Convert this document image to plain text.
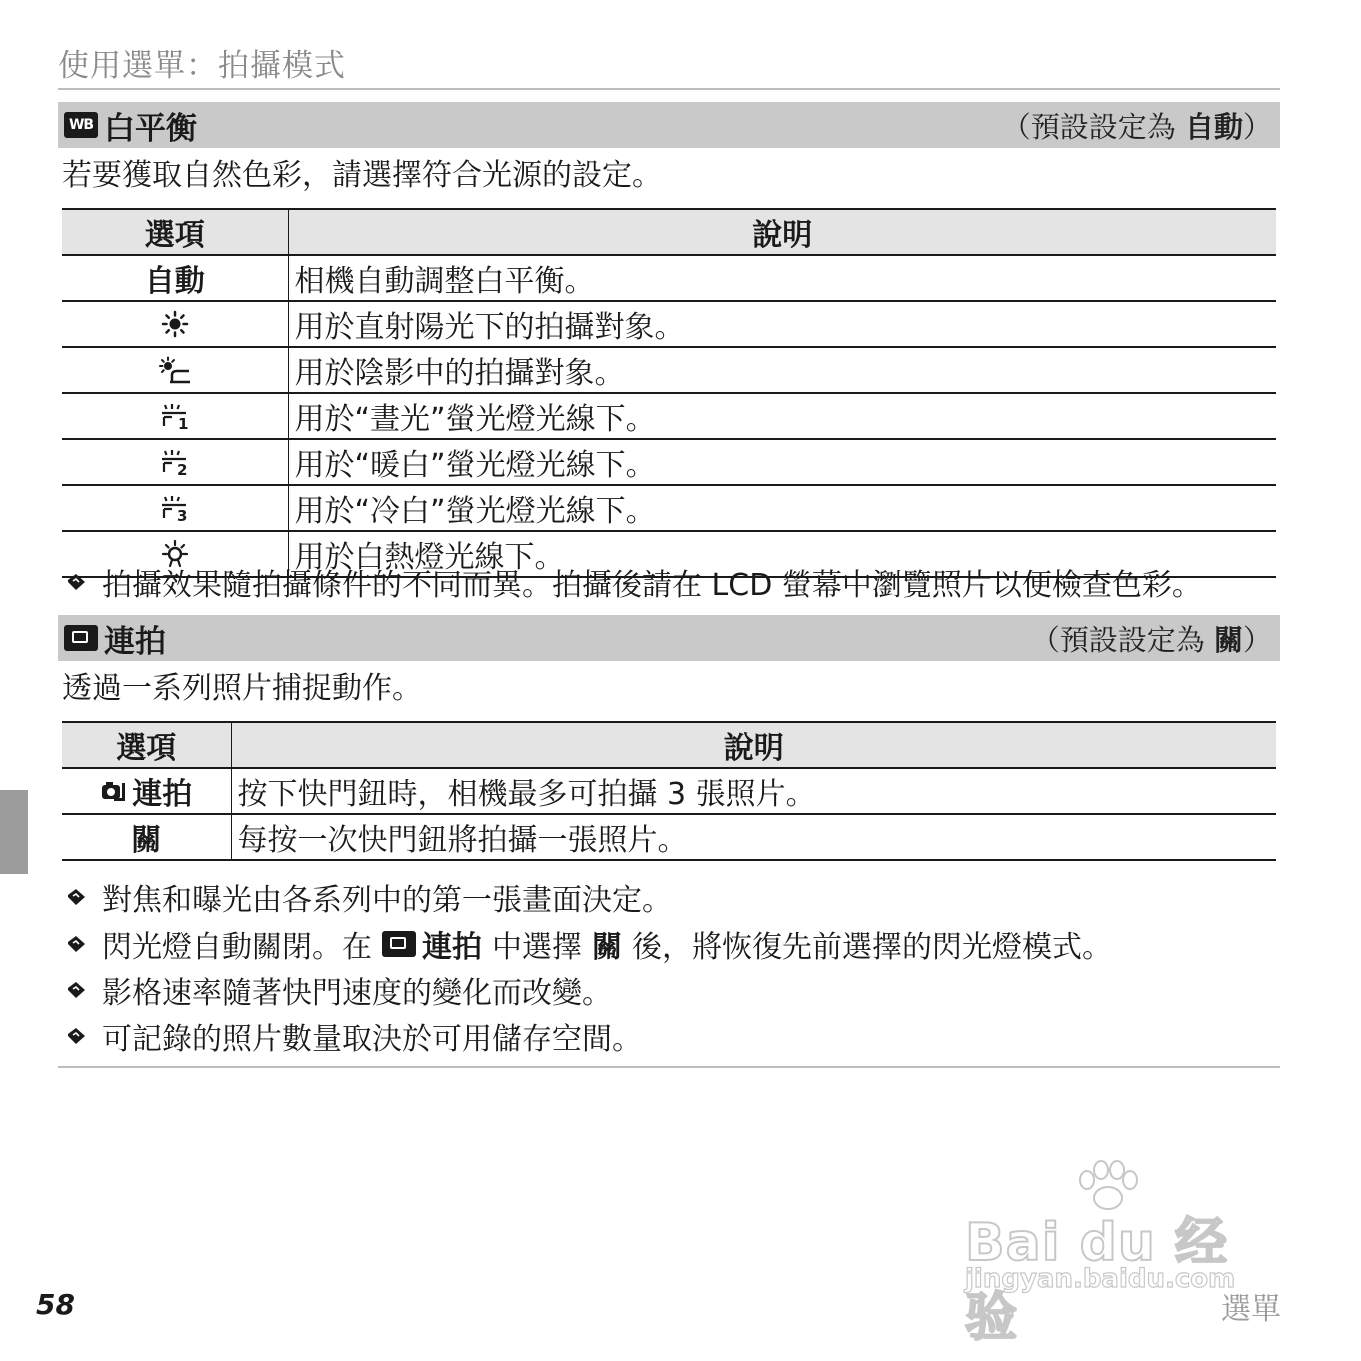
使用選單：拍攝模式
WB 白平衡	（預設設定為 自動）
若要獲取自然色彩，請選擇符合光源的設定。
選項	說明
自動	相機自動調整白平衡。

	用於直射陽光下的拍攝對象。

	用於陰影中的拍攝對象。

1	用於“晝光”螢光燈光線下。

2	用於“暖白”螢光燈光線下。

3	用於“冷白”螢光燈光線下。

	用於白熱燈光線下。
拍攝效果隨拍攝條件的不同而異。拍攝後請在 LCD 螢幕中瀏覽照片以便檢查色彩。
連拍	（預設設定為 關）
透過一系列照片捕捉動作。
選項	說明

連拍	按下快門鈕時，相機最多可拍攝 3 張照片。
關	每按一次快門鈕將拍攝一張照片。
對焦和曝光由各系列中的第一張畫面決定。
閃光燈自動關閉。在 連拍 中選擇 關 後，將恢復先前選擇的閃光燈模式。
影格速率隨著快門速度的變化而改變。
可記錄的照片數量取決於可用儲存空間。
Bai du 经验
jingyan.baidu.com
58	選單
